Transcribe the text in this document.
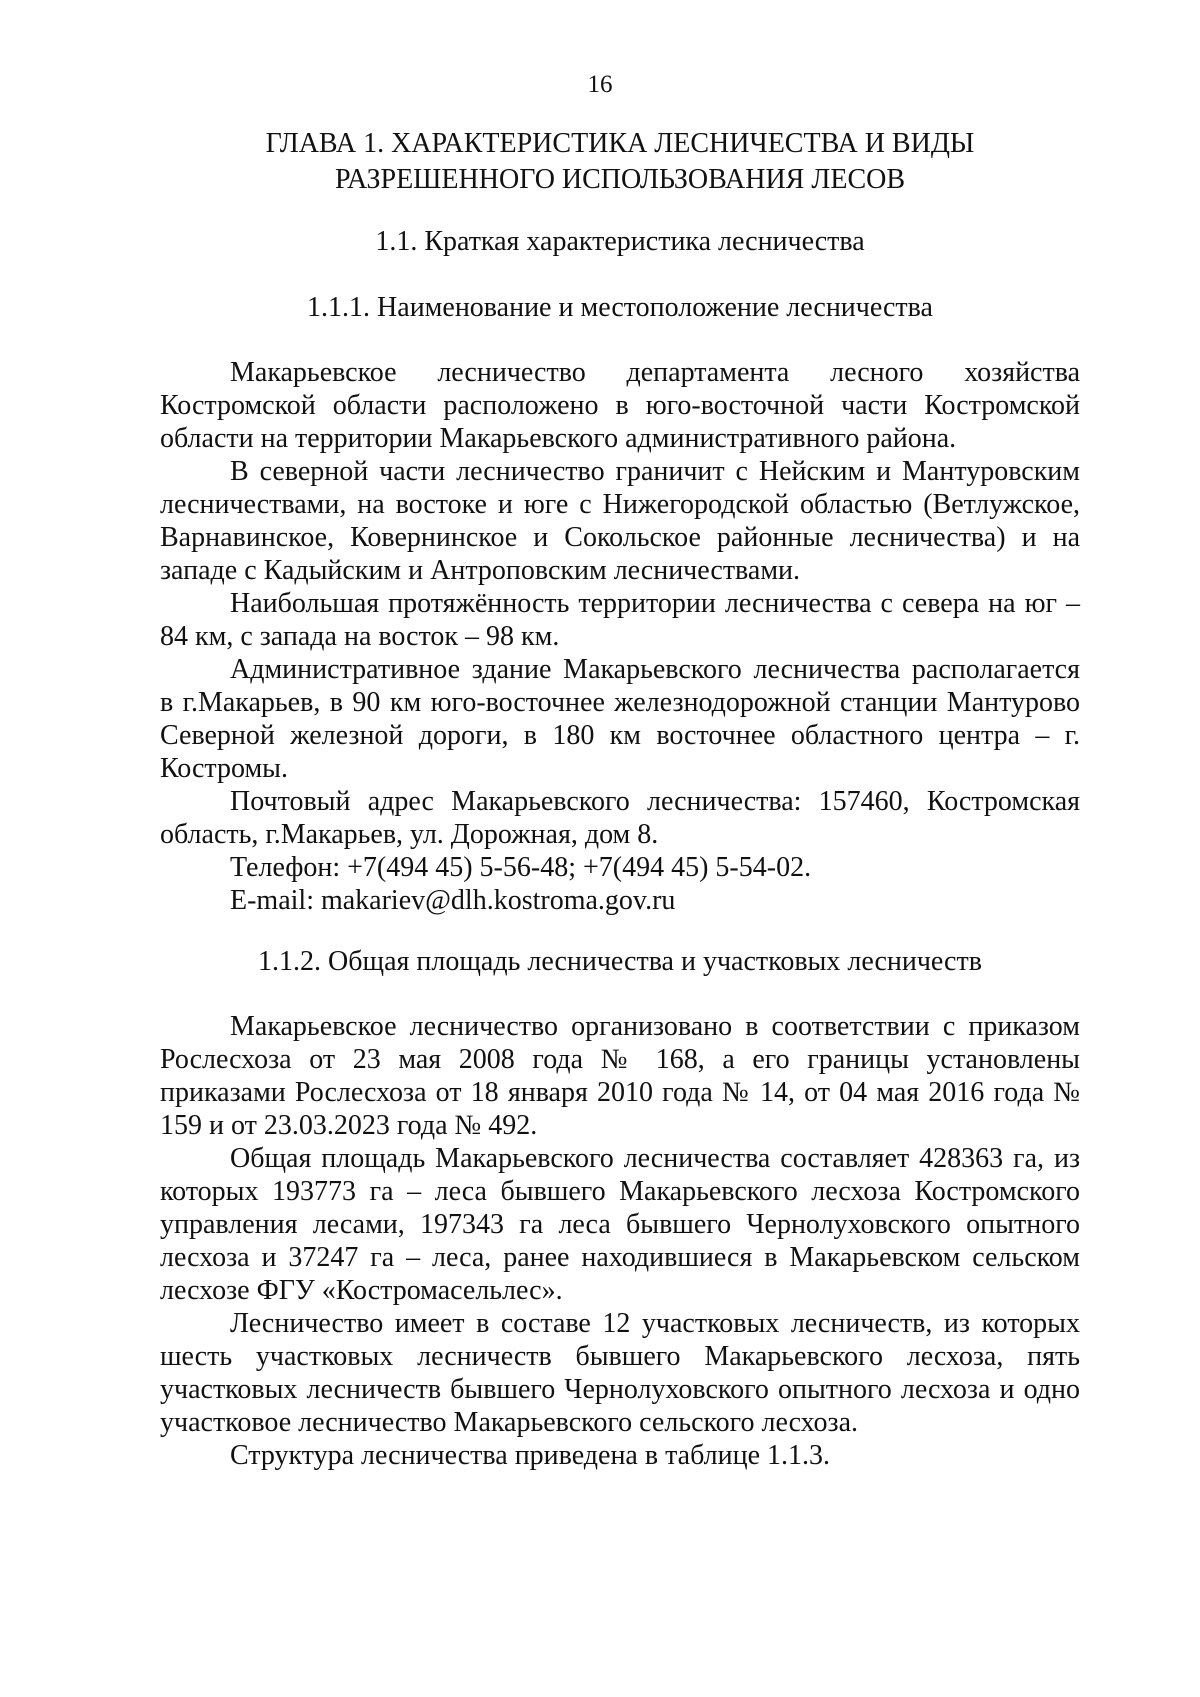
16
ГЛАВА 1. ХАРАКТЕРИСТИКА ЛЕСНИЧЕСТВА И ВИДЫ
РАЗРЕШЕННОГО ИСПОЛЬЗОВАНИЯ ЛЕСОВ
1.1. Краткая характеристика лесничества
1.1.1. Наименование и местоположение лесничества

Макарьевское лесничество департамента лесного хозяйства Костромской области расположено в юго-восточной части Костромской области на территории Макарьевского административного района.

В северной части лесничество граничит с Нейским и Мантуровским лесничествами, на востоке и юге с Нижегородской областью (Ветлужское, Варнавинское, Ковернинское и Сокольское районные лесничества) и на западе с Кадыйским и Антроповским лесничествами.

Наибольшая протяжённость территории лесничества с севера на юг – 84 км, с запада на восток – 98 км.

Административное здание Макарьевского лесничества располагается в г.Макарьев, в 90 км юго-восточнее железнодорожной станции Мантурово Северной железной дороги, в 180 км восточнее областного центра – г. Костромы.

Почтовый адрес Макарьевского лесничества: 157460, Костромская область, г.Макарьев, ул. Дорожная, дом 8.

Телефон: +7(494 45) 5-56-48; +7(494 45) 5-54-02.

E-mail: makariev@dlh.kostroma.gov.ru

1.1.2. Общая площадь лесничества и участковых лесничеств

Макарьевское лесничество организовано в соответствии с приказом Рослесхоза от 23 мая 2008 года № 168, а его границы установлены приказами Рослесхоза от 18 января 2010 года № 14, от 04 мая 2016 года № 159 и от 23.03.2023 года № 492.

Общая площадь Макарьевского лесничества составляет 428363 га, из которых 193773 га – леса бывшего Макарьевского лесхоза Костромского управления лесами, 197343 га леса бывшего Чернолуховского опытного лесхоза и 37247 га – леса, ранее находившиеся в Макарьевском сельском лесхозе ФГУ «Костромасельлес».

Лесничество имеет в составе 12 участковых лесничеств, из которых шесть участковых лесничеств бывшего Макарьевского лесхоза, пять участковых лесничеств бывшего Чернолуховского опытного лесхоза и одно участковое лесничество Макарьевского сельского лесхоза.

Структура лесничества приведена в таблице 1.1.3.
